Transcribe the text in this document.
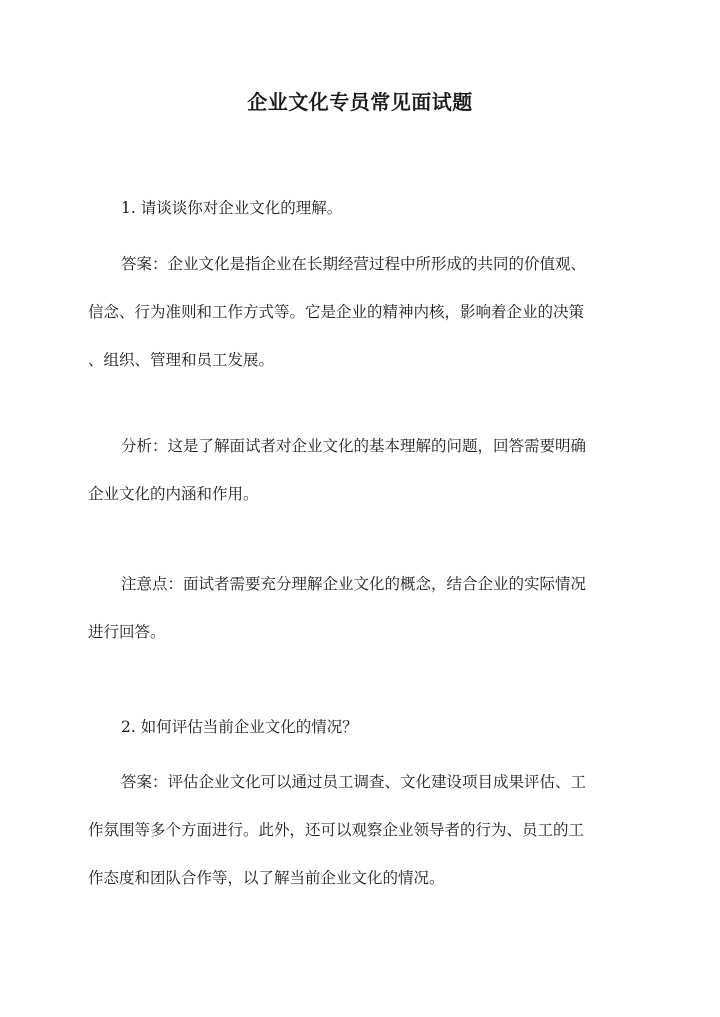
企业文化专员常见面试题

1. 请谈谈你对企业文化的理解。

答案：企业文化是指企业在长期经营过程中所形成的共同的价值观、
信念、行为准则和工作方式等。它是企业的精神内核，影响着企业的决策
、组织、管理和员工发展。

分析：这是了解面试者对企业文化的基本理解的问题，回答需要明确
企业文化的内涵和作用。

注意点：面试者需要充分理解企业文化的概念，结合企业的实际情况
进行回答。

2. 如何评估当前企业文化的情况？

答案：评估企业文化可以通过员工调查、文化建设项目成果评估、工
作氛围等多个方面进行。此外，还可以观察企业领导者的行为、员工的工
作态度和团队合作等，以了解当前企业文化的情况。
